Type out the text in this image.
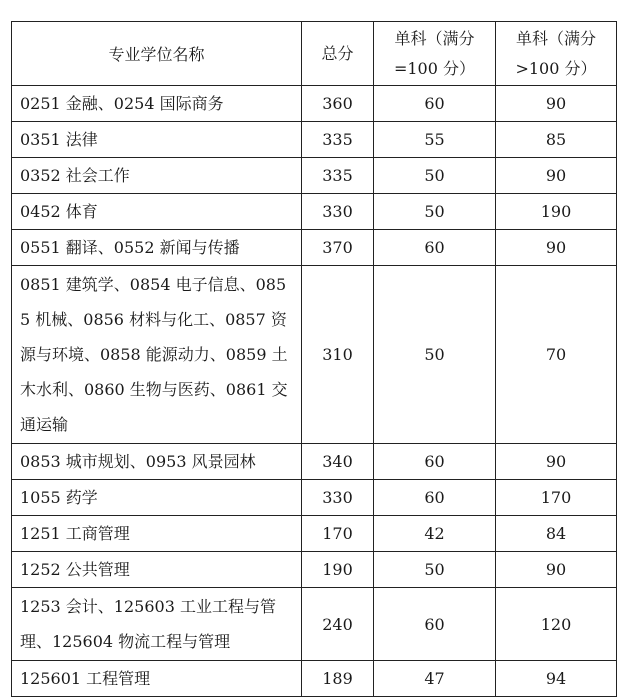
专业学位名称	总分	单科（满分=100 分）	单科（满分>100 分）
0251 金融、0254 国际商务	360	60	90
0351 法律	335	55	85
0352 社会工作	335	50	90
0452 体育	330	50	190
0551 翻译、0552 新闻与传播	370	60	90
0851 建筑学、0854 电子信息、0855 机械、0856 材料与化工、0857 资源与环境、0858 能源动力、0859 土木水利、0860 生物与医药、0861 交通运输	310	50	70
0853 城市规划、0953 风景园林	340	60	90
1055 药学	330	60	170
1251 工商管理	170	42	84
1252 公共管理	190	50	90
1253 会计、125603 工业工程与管理、125604 物流工程与管理	240	60	120
125601 工程管理	189	47	94
